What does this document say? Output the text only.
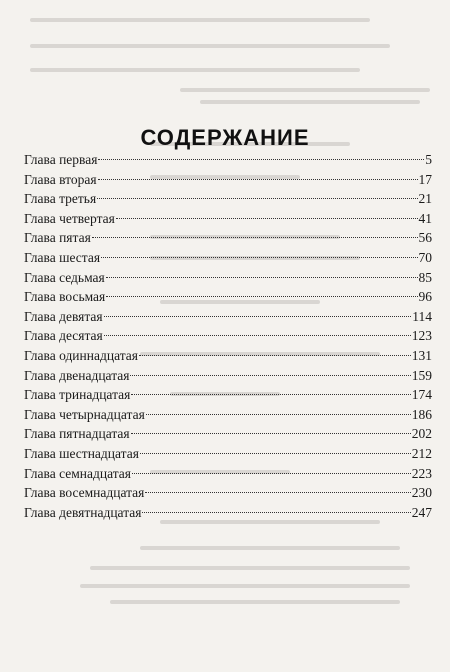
СОДЕРЖАНИЕ
Глава первая	5
Глава вторая	17
Глава третья	21
Глава четвертая	41
Глава пятая	56
Глава шестая	70
Глава седьмая	85
Глава восьмая	96
Глава девятая	114
Глава десятая	123
Глава одиннадцатая	131
Глава двенадцатая	159
Глава тринадцатая	174
Глава четырнадцатая	186
Глава пятнадцатая	202
Глава шестнадцатая	212
Глава семнадцатая	223
Глава восемнадцатая	230
Глава девятнадцатая	247
